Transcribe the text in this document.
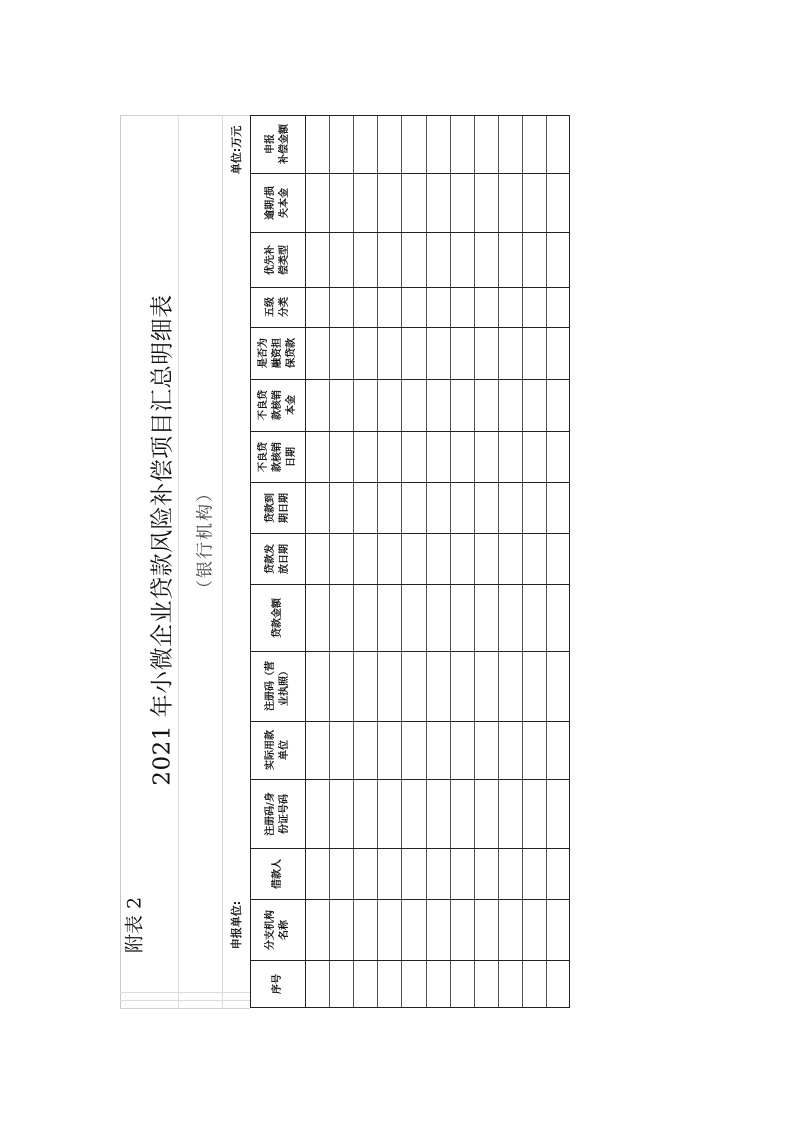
附表 2
2021 年小微企业贷款风险补偿项目汇总明细表 （银行机构）
申报单位:
单位:万元
序号
分支机构 名称
借款人
注册码/身 份证号码
实际用款 单位
注册码（营 业执照）
贷款金额
贷款发 放日期
贷款到 期日期
不良贷 款核销 日期
不良贷 款核销 本金
是否为 融资担 保贷款
五级 分类
优先补 偿类型
逾期/损 失本金
申报 补偿金额
